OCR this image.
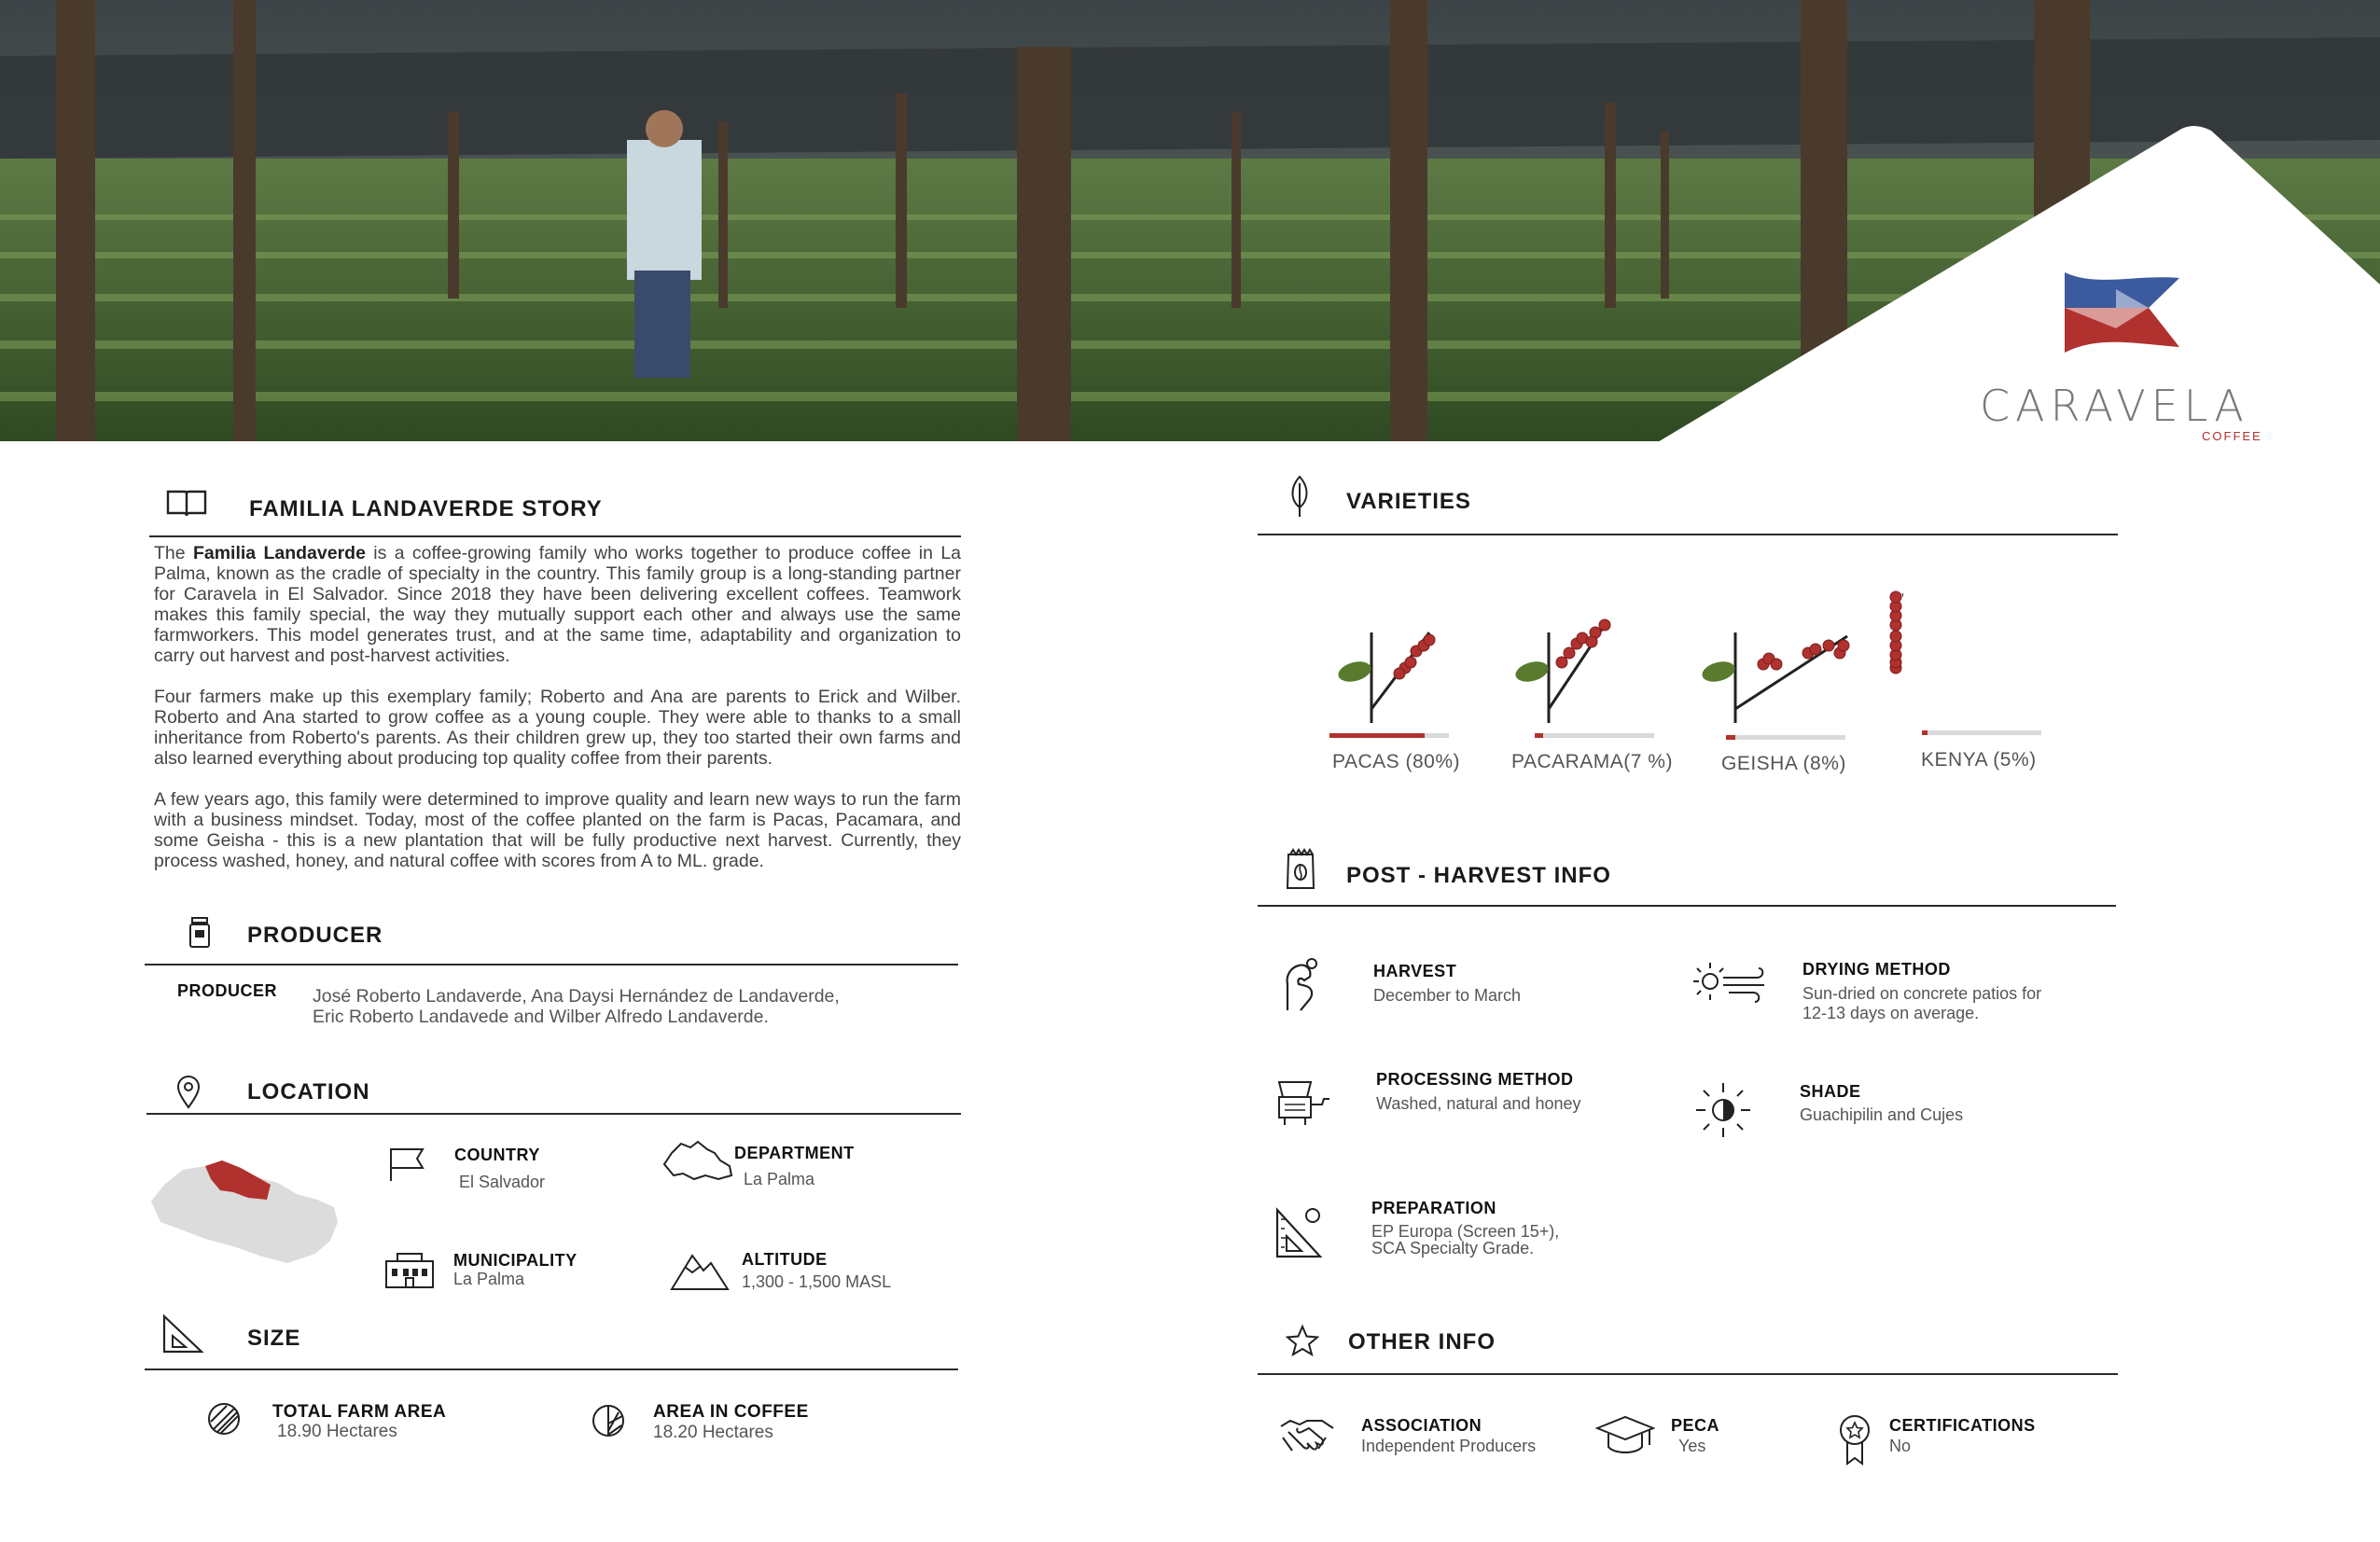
CARAVELA
COFFEE
FAMILIA LANDAVERDE STORY

The Familia Landaverde is a coffee-growing family who works together to produce coffee in La Palma, known as the cradle of specialty in the country. This family group is a long-standing partner for Caravela in El Salvador. Since 2018 they have been delivering excellent coffees. Teamwork makes this family special, the way they mutually support each other and always use the same farmworkers. This model generates trust, and at the same time, adaptability and organization to carry out harvest and post-harvest activities.

Four farmers make up this exemplary family; Roberto and Ana are parents to Erick and Wilber. Roberto and Ana started to grow coffee as a young couple. They were able to thanks to a small inheritance from Roberto's parents. As their children grew up, they too started their own farms and also learned everything about producing top quality coffee from their parents.

A few years ago, this family were determined to improve quality and learn new ways to run the farm with a business mindset. Today, most of the coffee planted on the farm is Pacas, Pacamara, and some Geisha - this is a new plantation that will be fully productive next harvest. Currently, they process washed, honey, and natural coffee with scores from A to ML. grade.

PRODUCER
PRODUCER José Roberto Landaverde, Ana Daysi Hernández de Landaverde,
Eric Roberto Landavede and Wilber Alfredo Landaverde.
LOCATION
COUNTRY
El Salvador
DEPARTMENT
La Palma
MUNICIPALITY
La Palma
ALTITUDE
1,300 - 1,500 MASL
SIZE
TOTAL FARM AREA
18.90 Hectares
AREA IN COFFEE
18.20 Hectares
VARIETIES
PACAS (80%)	PACARAMA(7 %) GEISHA (8%)	KENYA (5%)
POST - HARVEST INFO
HARVEST
December to March
DRYING METHOD
Sun-dried on concrete patios for
12-13 days on average.
PROCESSING METHOD
Washed, natural and honey
SHADE
Guachipilin and Cujes
PREPARATION
EP Europa (Screen 15+),
SCA Specialty Grade.
OTHER INFO
ASSOCIATION
Independent Producers
PECA
Yes
CERTIFICATIONS
No
